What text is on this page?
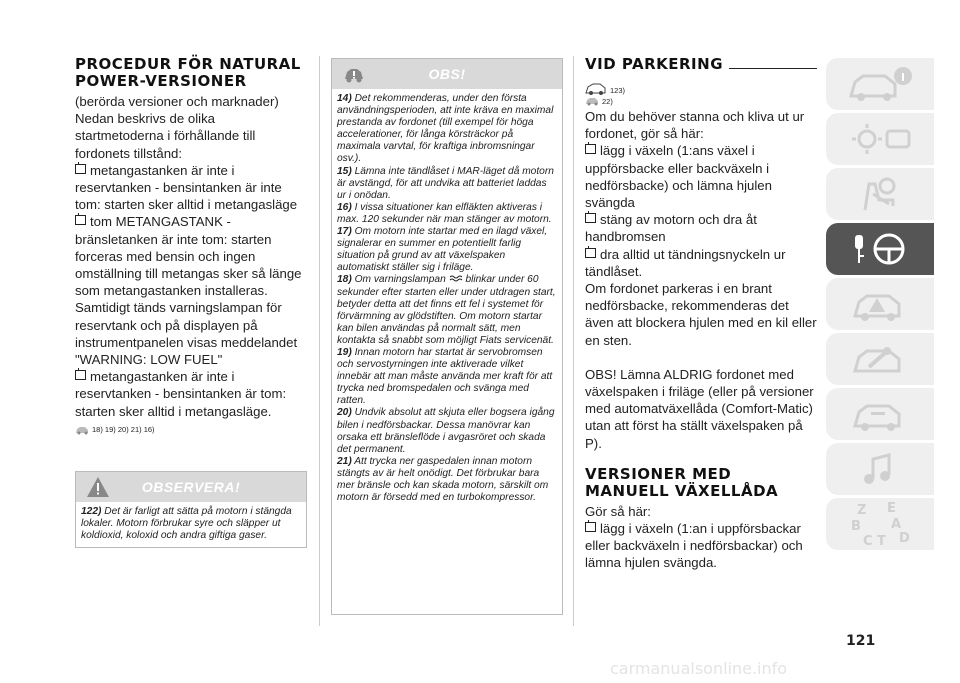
PROCEDUR FÖR NATURAL POWER-VERSIONER

(berörda versioner och marknader)

Nedan beskrivs de olika startmetoderna i förhållande till fordonets tillstånd:

metangastanken är inte i reservtanken - bensintanken är inte tom: starten sker alltid i metangasläge

tom METANGASTANK - bränsletanken är inte tom: starten forceras med bensin och ingen omställning till metangas sker så länge som metangastanken installeras. Samtidigt tänds varningslampan för reservtank och på displayen på instrumentpanelen visas meddelandet "WARNING: LOW FUEL"

metangastanken är inte i reservtanken - bensintanken är tom: starten sker alltid i metangasläge.

18) 19) 20) 21) 16)
OBSERVERA!

122) Det är farligt att sätta på motorn i stängda lokaler. Motorn förbrukar syre och släpper ut koldioxid, koloxid och andra giftiga gaser.

OBS!

14) Det rekommenderas, under den första användningsperioden, att inte kräva en maximal prestanda av fordonet (till exempel för höga accelerationer, för långa körsträckor på maximala varvtal, för kraftiga inbromsningar osv.).

15) Lämna inte tändlåset i MAR-läget då motorn är avstängd, för att undvika att batteriet laddas ur i onödan.

16) I vissa situationer kan elfläkten aktiveras i max. 120 sekunder när man stänger av motorn.

17) Om motorn inte startar med en ilagd växel, signalerar en summer en potentiellt farlig situation på grund av att växelspaken automatiskt ställer sig i friläge.

18) Om varningslampan blinkar under 60 sekunder efter starten eller under utdragen start, betyder detta att det finns ett fel i systemet för förvärmning av glödstiften. Om motorn startar kan bilen användas på normalt sätt, men kontakta så snabbt som möjligt Fiats servicenät.

19) Innan motorn har startat är servobromsen och servostyrningen inte aktiverade vilket innebär att man måste använda mer kraft för att trycka ned bromspedalen och svänga med ratten.

20) Undvik absolut att skjuta eller bogsera igång bilen i nedförsbackar. Dessa manövrar kan orsaka ett bränsleflöde i avgasröret och skada det permanent.

21) Att trycka ner gaspedalen innan motorn stängts av är helt onödigt. Det förbrukar bara mer bränsle och kan skada motorn, särskilt om motorn är försedd med en turbokompressor.

VID PARKERING
123)
22)

Om du behöver stanna och kliva ut ur fordonet, gör så här:

lägg i växeln (1:ans växel i uppförsbacke eller backväxeln i nedförsbacke) och lämna hjulen svängda

stäng av motorn och dra åt handbromsen

dra alltid ut tändningsnyckeln ur tändlåset.

Om fordonet parkeras i en brant nedförsbacke, rekommenderas det även att blockera hjulen med en kil eller en sten.

OBS! Lämna ALDRIG fordonet med växelspaken i friläge (eller på versioner med automatväxellåda (Comfort-Matic) utan att först ha ställt växelspaken på P).

VERSIONER MED MANUELL VÄXELLÅDA

Gör så här:

lägg i växeln (1:an i uppförsbackar eller backväxeln i nedförsbackar) och lämna hjulen svängda.

Z E
B A
C T D
121
carmanualsonline.info
